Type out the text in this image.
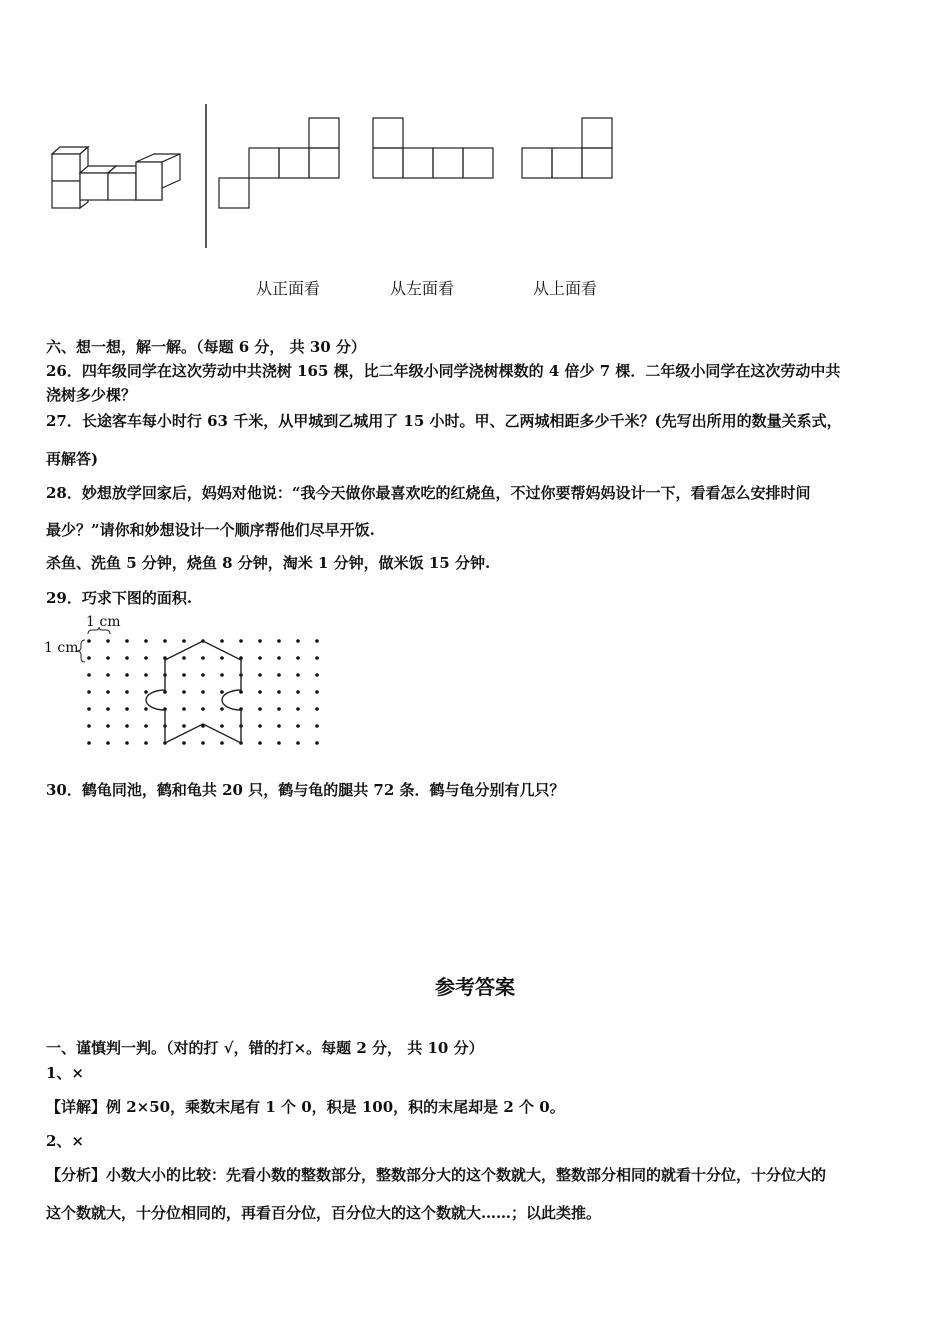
从正面看	从左面看	从上面看
六、想一想，解一解。（每题 6 分， 共 30 分）
26．四年级同学在这次劳动中共浇树 165 棵，比二年级小同学浇树棵数的 4 倍少 7 棵．二年级小同学在这次劳动中共
浇树多少棵？
27．长途客车每小时行 63 千米，从甲城到乙城用了 15 小时。甲、乙两城相距多少千米？(先写出所用的数量关系式，
再解答)
28．妙想放学回家后，妈妈对他说：“我今天做你最喜欢吃的红烧鱼，不过你要帮妈妈设计一下，看看怎么安排时间
最少？”请你和妙想设计一个顺序帮他们尽早开饭.
杀鱼、洗鱼 5 分钟，烧鱼 8 分钟，淘米 1 分钟，做米饭 15 分钟.
29．巧求下图的面积.
1 cm
1 cm
30．鹤龟同池，鹤和龟共 20 只，鹤与龟的腿共 72 条．鹤与龟分别有几只？
参考答案
一、谨慎判一判。（对的打 √，错的打×。每题 2 分， 共 10 分）
1、×
【详解】例 2×50，乘数末尾有 1 个 0，积是 100，积的末尾却是 2 个 0。
2、×
【分析】小数大小的比较：先看小数的整数部分，整数部分大的这个数就大，整数部分相同的就看十分位，十分位大的
这个数就大，十分位相同的，再看百分位，百分位大的这个数就大……；以此类推。
